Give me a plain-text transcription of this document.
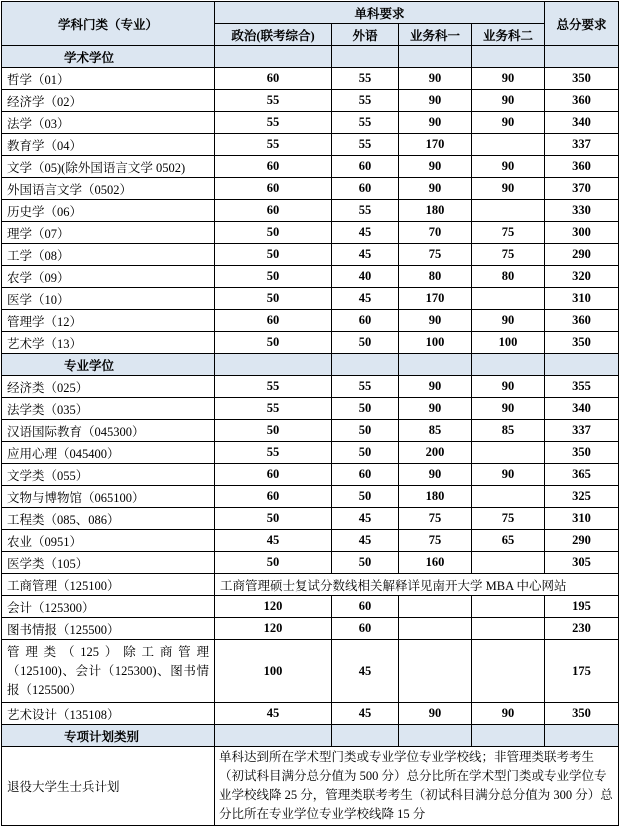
学科门类（专业）	单科要求				总分要求
	政治(联考综合)	外语	业务科一	业务科二	
学术学位					
哲学（01）	60	55	90	90	350
经济学（02）	55	55	90	90	360
法学（03）	55	55	90	90	340
教育学（04）	55	55	170		337
文学（05)(除外国语言文学 0502)	60	60	90	90	360
外国语言文学（0502）	60	60	90	90	370
历史学（06）	60	55	180		330
理学（07）	50	45	70	75	300
工学（08）	50	45	75	75	290
农学（09）	50	40	80	80	320
医学（10）	50	45	170		310
管理学（12）	60	60	90	90	360
艺术学（13）	50	50	100	100	350
专业学位					
经济类（025）	55	55	90	90	355
法学类（035）	55	50	90	90	340
汉语国际教育（045300）	50	50	85	85	337
应用心理（045400）	55	50	200		350
文学类（055）	60	60	90	90	365
文物与博物馆（065100）	60	50	180		325
工程类（085、086）	50	45	75	75	310
农业（0951）	45	45	75	65	290
医学类（105）	50	50	160		305
工商管理（125100）	工商管理硕士复试分数线相关解释详见南开大学 MBA 中心网站				
会计（125300）	120	60			195
图书情报（125500）	120	60			230
管理类（125）除工商管理（125100)、会计（125300)、图书情报（125500）	100	45			175
艺术设计（135108）	45	45	90	90	350
专项计划类别					
退役大学生士兵计划	单科达到所在学术型门类或专业学位专业学校线；非管理类联考考生（初试科目满分总分值为 500 分）总分比所在学术型门类或专业学位专业学校线降 25 分，管理类联考考生（初试科目满分总分值为 300 分）总分比所在专业学位专业学校线降 15 分				
